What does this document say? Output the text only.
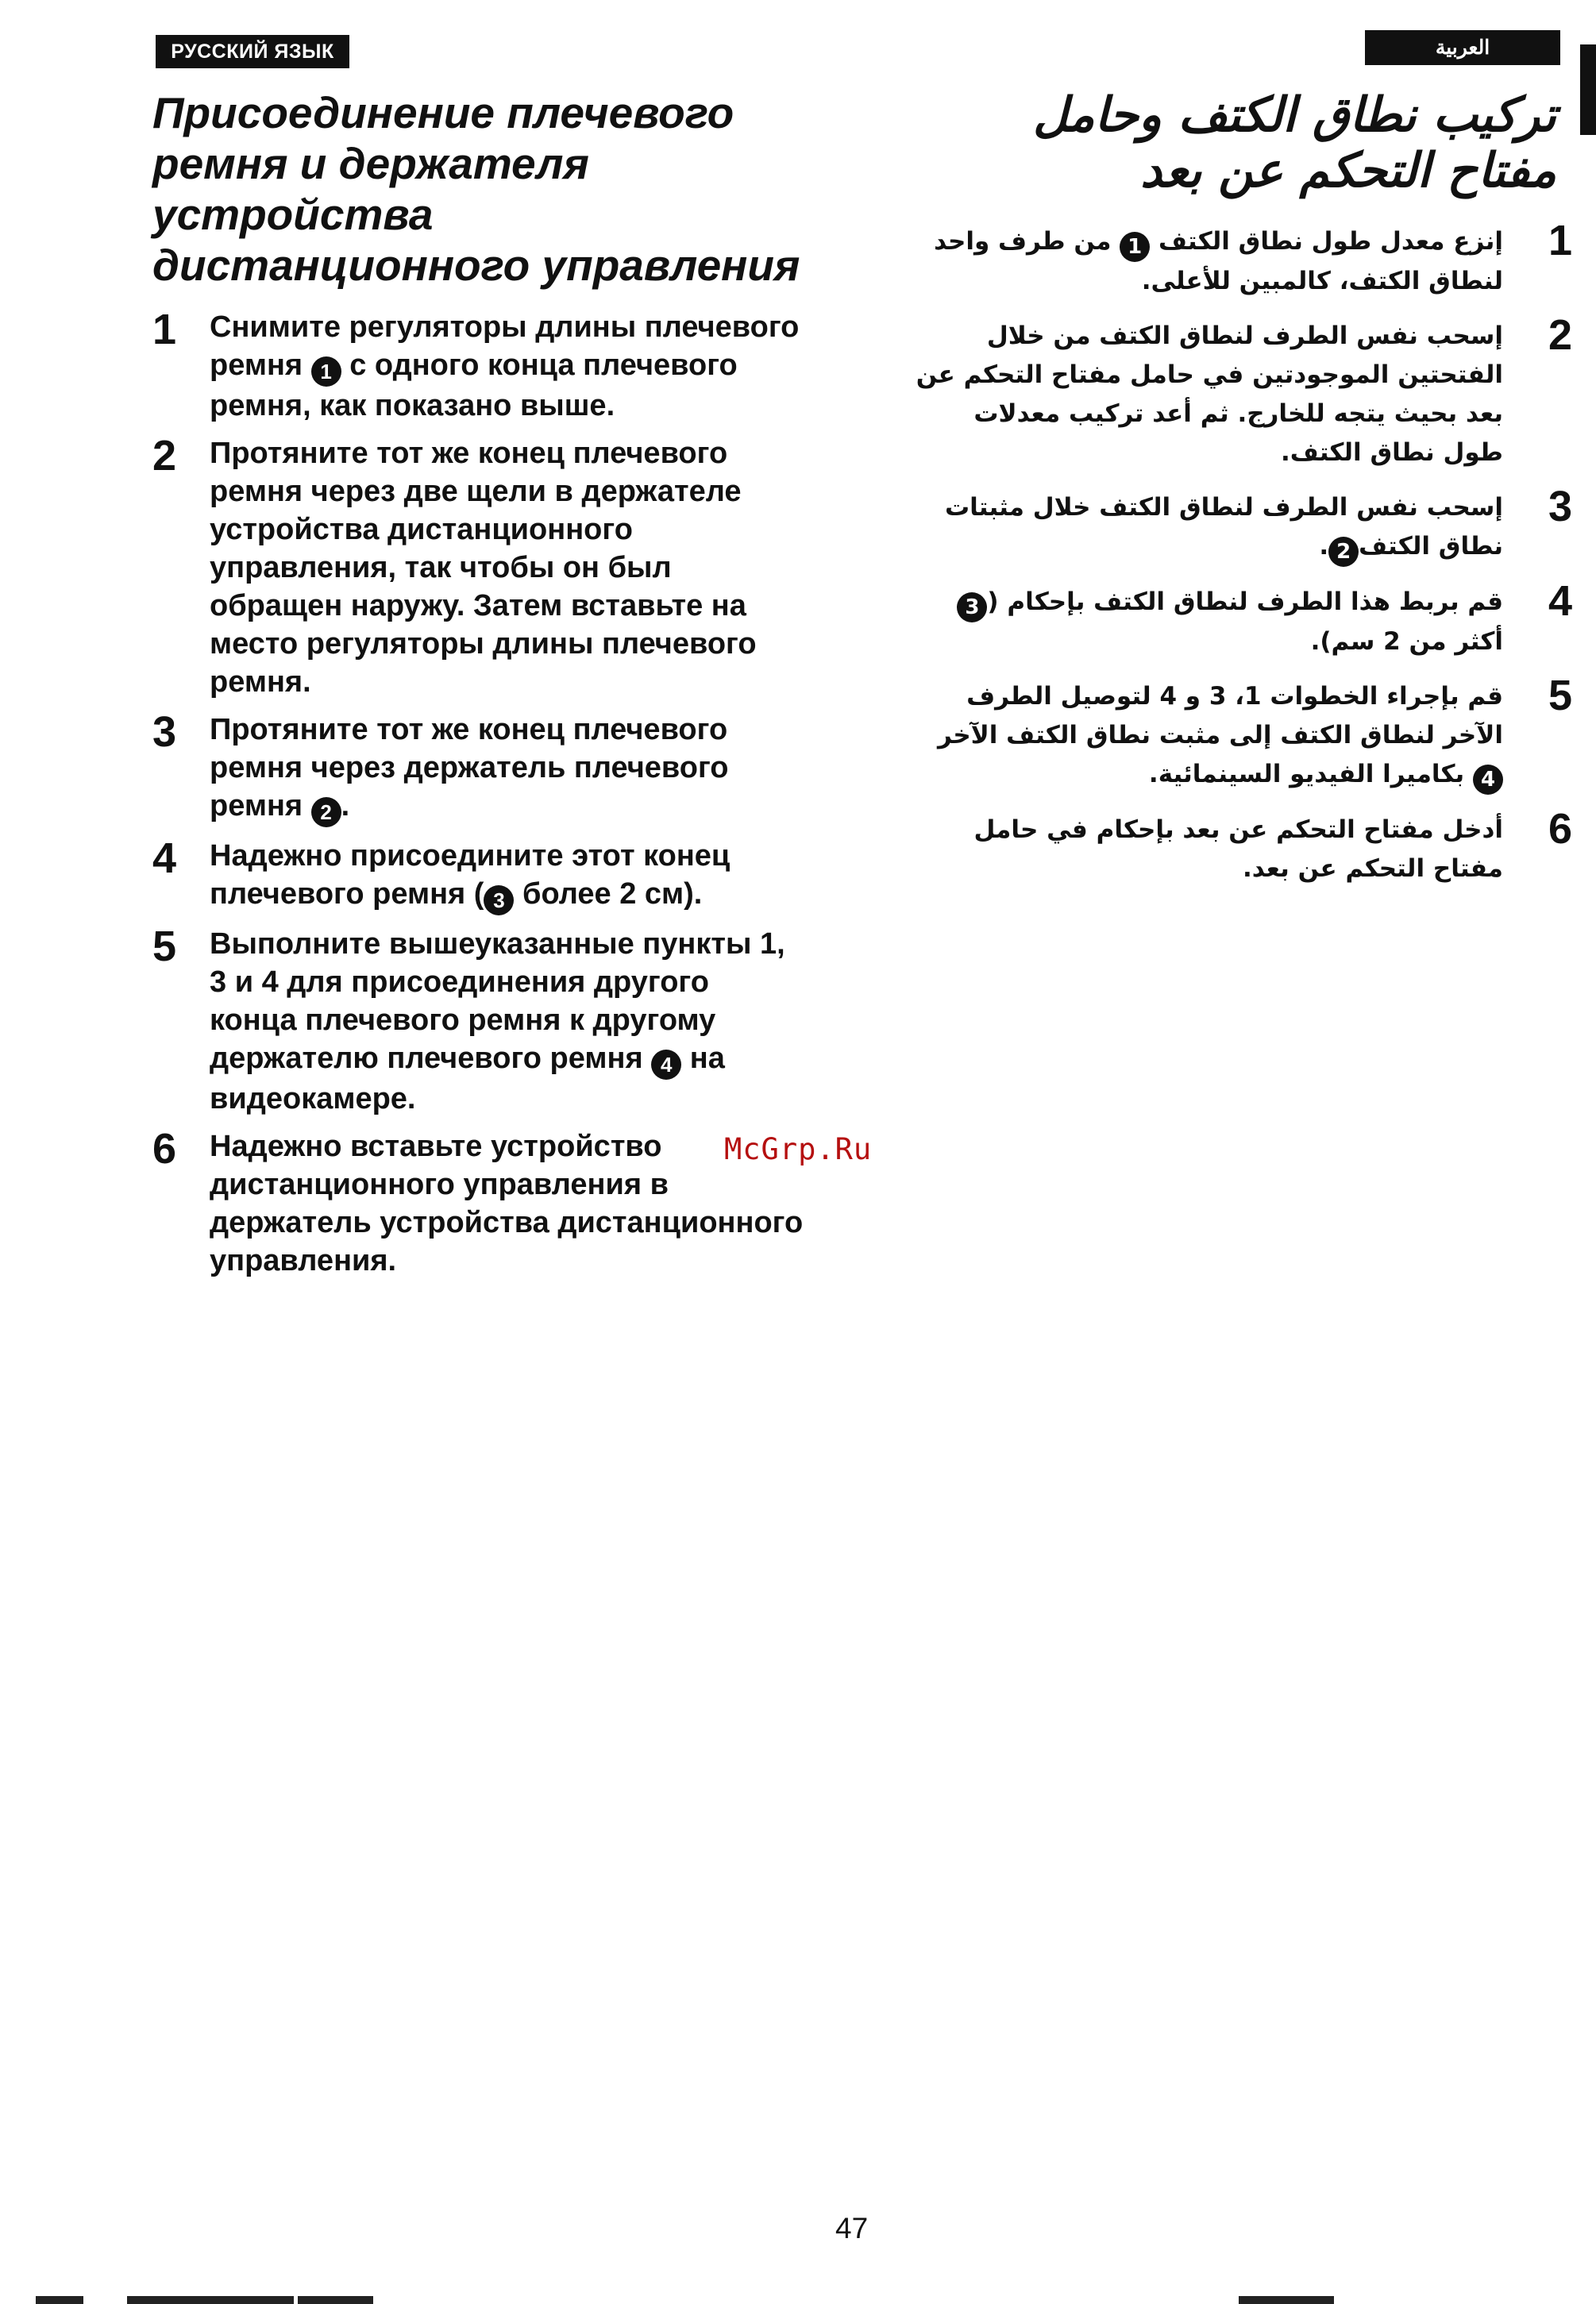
РУССКИЙ ЯЗЫК	العربية
Присоединение плечевого ремня и держателя устройства дистанционного управления
1	Снимите регуляторы длины плечевого ремня 1 с одного конца плечевого ремня, как показано выше.
2	Протяните тот же конец плечевого ремня через две щели в держателе устройства дистанционного управления, так чтобы он был обращен наружу. Затем вставьте на место регуляторы длины плечевого ремня.
3	Протяните тот же конец плечевого ремня через держатель плечевого ремня 2 .
4	Надежно присоедините этот конец плечевого ремня ( 3 более 2 см).
5	Выполните вышеуказанные пункты 1, 3 и 4 для присоединения другого конца плечевого ремня к другому держателю плечевого ремня 4 на видеокамере.
6	Надежно вставьте устройство дистанционного управления в держатель устройства дистанционного управления.
تركيب نطاق الكتف وحامل مفتاح التحكم عن بعد
1
إنزع معدل طول نطاق الكتف 1 من طرف واحد لنطاق الكتف، كالمبين للأعلى.
2
إسحب نفس الطرف لنطاق الكتف من خلال الفتحتين الموجودتين في حامل مفتاح التحكم عن بعد بحيث يتجه للخارج. ثم أعد تركيب معدلات طول نطاق الكتف.
3
إسحب نفس الطرف لنطاق الكتف خلال مثبتات نطاق الكتف2.
4
قم بربط هذا الطرف لنطاق الكتف بإحكام (3 أكثر من 2 سم).
5
قم بإجراء الخطوات 1، 3 و 4 لتوصيل الطرف الآخر لنطاق الكتف إلى مثبت نطاق الكتف الآخر 4 بكاميرا الفيديو السينمائية.
6
أدخل مفتاح التحكم عن بعد بإحكام في حامل مفتاح التحكم عن بعد.
McGrp.Ru
47
